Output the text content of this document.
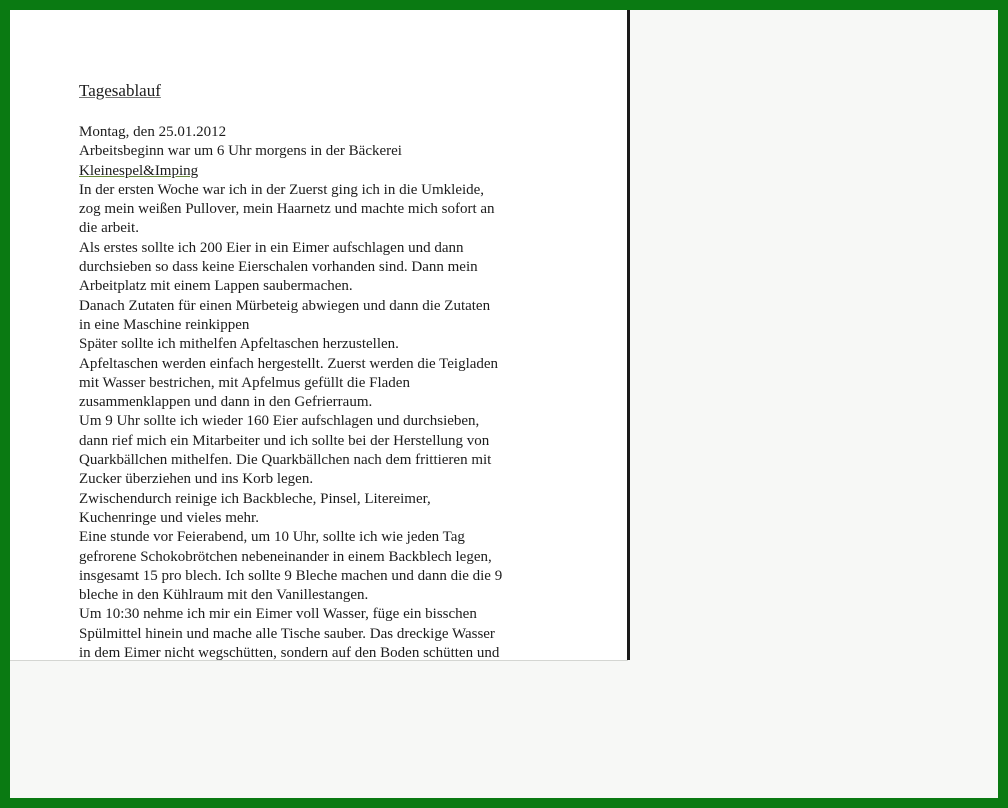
Tagesablauf
Montag, den 25.01.2012
Arbeitsbeginn war um 6 Uhr morgens in der Bäckerei
Kleinespel&Imping
In der ersten Woche war ich in der Zuerst ging ich in die Umkleide,
zog mein weißen Pullover, mein Haarnetz und machte mich sofort an
die arbeit.
Als erstes sollte ich 200 Eier in ein Eimer aufschlagen und dann
durchsieben so dass keine Eierschalen vorhanden sind. Dann mein
Arbeitplatz mit einem Lappen saubermachen.
Danach Zutaten für einen Mürbeteig abwiegen und dann die Zutaten
in eine Maschine reinkippen
Später sollte ich mithelfen Apfeltaschen herzustellen.
Apfeltaschen werden einfach hergestellt. Zuerst werden die Teigladen
mit Wasser bestrichen, mit Apfelmus gefüllt die Fladen
zusammenklappen und dann in den Gefrierraum.
Um 9 Uhr sollte ich wieder 160 Eier aufschlagen und durchsieben,
dann rief mich ein Mitarbeiter und ich sollte bei der Herstellung von
Quarkbällchen mithelfen. Die Quarkbällchen nach dem frittieren mit
Zucker überziehen und ins Korb legen.
Zwischendurch reinige ich Backbleche, Pinsel, Litereimer,
Kuchenringe und vieles mehr.
Eine stunde vor Feierabend, um 10 Uhr, sollte ich wie jeden Tag
gefrorene Schokobrötchen nebeneinander in einem Backblech legen,
insgesamt 15 pro blech. Ich sollte 9 Bleche machen und dann die die 9
bleche in den Kühlraum mit den Vanillestangen.
Um 10:30 nehme ich mir ein Eimer voll Wasser, füge ein bisschen
Spülmittel hinein und mache alle Tische sauber. Das dreckige Wasser
in dem Eimer nicht wegschütten, sondern auf den Boden schütten und
